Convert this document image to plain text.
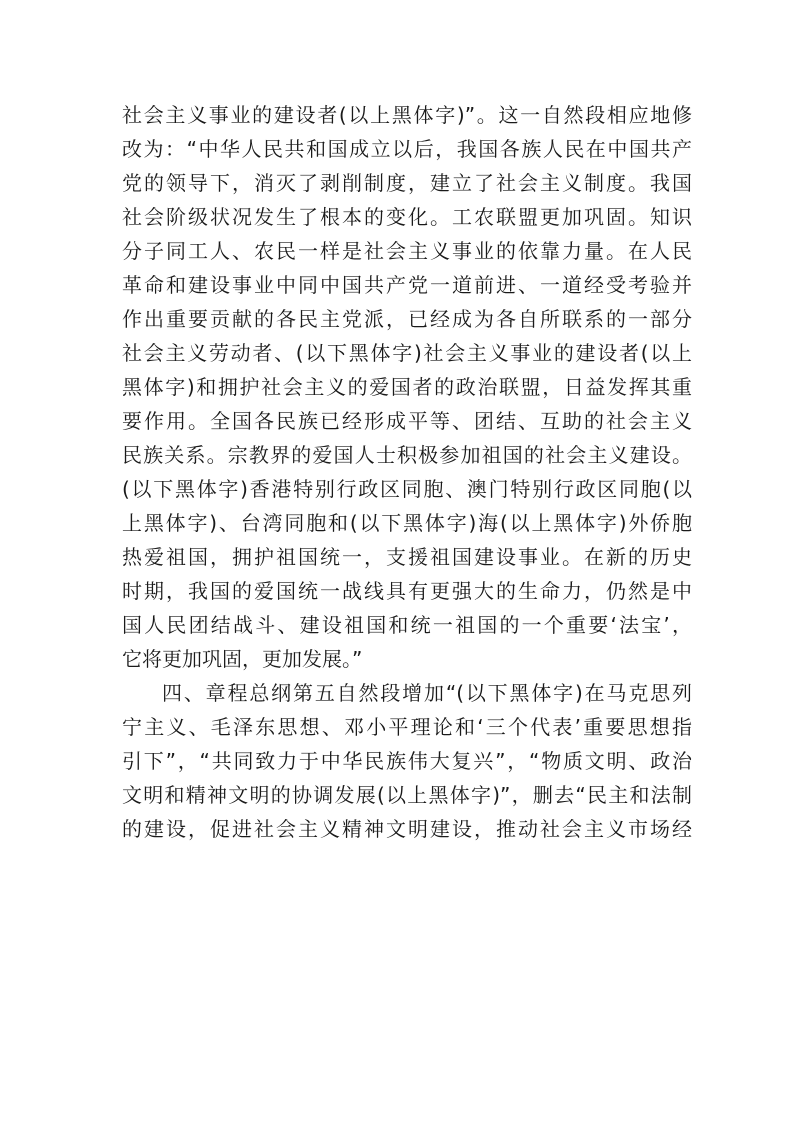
社会主义事业的建设者(以上黑体字)”。这一自然段相应地修
改为：“中华人民共和国成立以后，我国各族人民在中国共产
党的领导下，消灭了剥削制度，建立了社会主义制度。我国
社会阶级状况发生了根本的变化。工农联盟更加巩固。知识
分子同工人、农民一样是社会主义事业的依靠力量。在人民
革命和建设事业中同中国共产党一道前进、一道经受考验并
作出重要贡献的各民主党派，已经成为各自所联系的一部分
社会主义劳动者、(以下黑体字)社会主义事业的建设者(以上
黑体字)和拥护社会主义的爱国者的政治联盟，日益发挥其重
要作用。全国各民族已经形成平等、团结、互助的社会主义
民族关系。宗教界的爱国人士积极参加祖国的社会主义建设。
(以下黑体字)香港特别行政区同胞、澳门特别行政区同胞(以
上黑体字)、台湾同胞和(以下黑体字)海(以上黑体字)外侨胞
热爱祖国，拥护祖国统一，支援祖国建设事业。在新的历史
时期，我国的爱国统一战线具有更强大的生命力，仍然是中
国人民团结战斗、建设祖国和统一祖国的一个重要‘法宝’，
它将更加巩固，更加发展。”
四、章程总纲第五自然段增加“(以下黑体字)在马克思列
宁主义、毛泽东思想、邓小平理论和‘三个代表’重要思想指
引下”，“共同致力于中华民族伟大复兴”，“物质文明、政治
文明和精神文明的协调发展(以上黑体字)”，删去“民主和法制
的建设，促进社会主义精神文明建设，推动社会主义市场经
